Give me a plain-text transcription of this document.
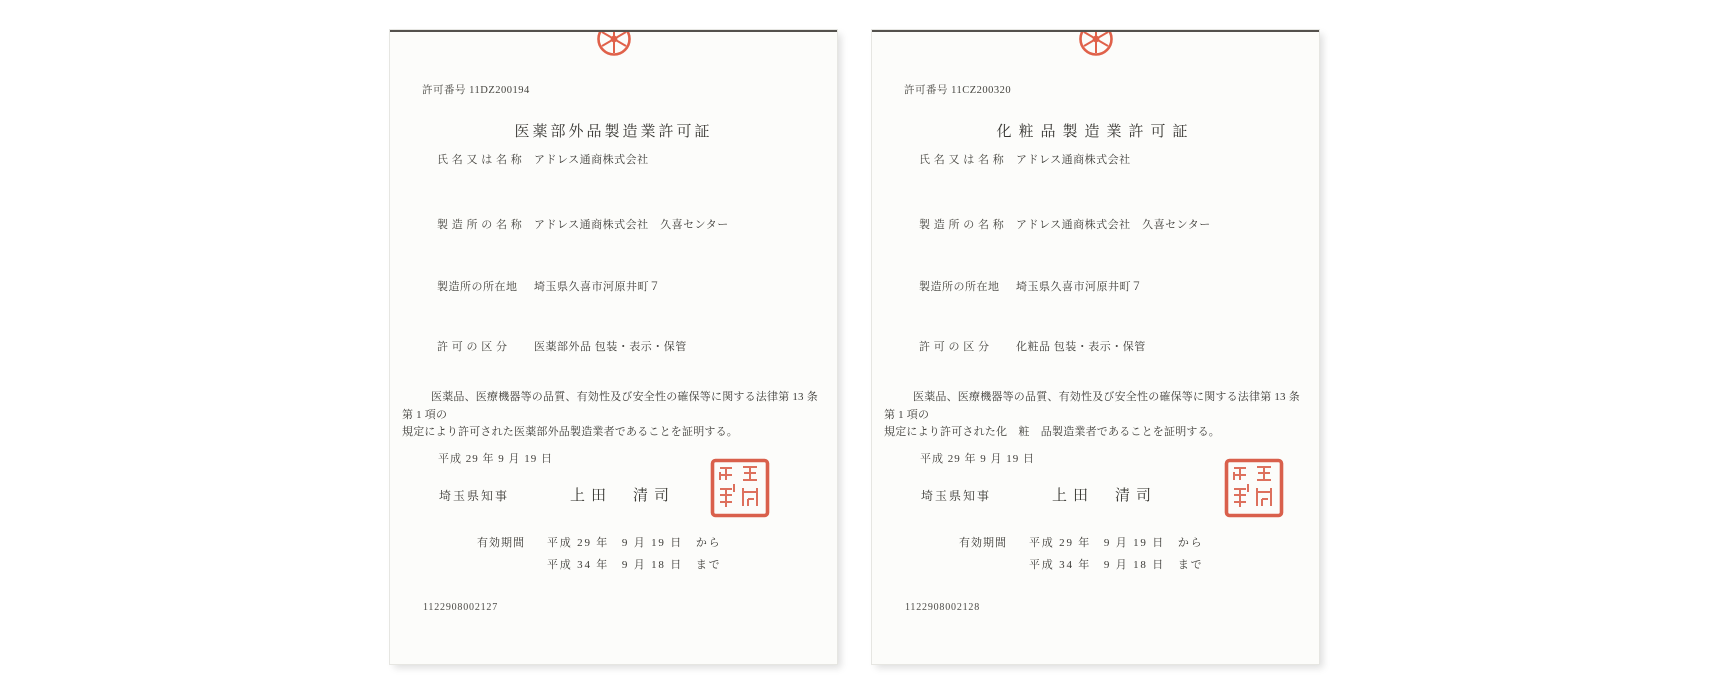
許可番号 11DZ200194
医薬部外品製造業許可証
氏 名 又 は 名 称	アドレス通商株式会社
製 造 所 の 名 称	アドレス通商株式会社　久喜センター
製造所の所在地	埼玉県久喜市河原井町７
許 可 の 区 分	医薬部外品 包装・表示・保管
医薬品、医療機器等の品質、有効性及び安全性の確保等に関する法律第 13 条第 1 項の
規定により許可された医薬部外品製造業者であることを証明する。
平成 29 年 9 月 19 日
埼玉県知事	上田　清司
有効期間 平成 29 年　9 月 19 日　から
平成 34 年　9 月 18 日　まで
1122908002127
許可番号 11CZ200320
化粧品製造業許可証
氏 名 又 は 名 称	アドレス通商株式会社
製 造 所 の 名 称	アドレス通商株式会社　久喜センター
製造所の所在地	埼玉県久喜市河原井町７
許 可 の 区 分	化粧品 包装・表示・保管
医薬品、医療機器等の品質、有効性及び安全性の確保等に関する法律第 13 条第 1 項の
規定により許可された化　粧　品製造業者であることを証明する。
平成 29 年 9 月 19 日
埼玉県知事	上田　清司
有効期間 平成 29 年　9 月 19 日　から
平成 34 年　9 月 18 日　まで
1122908002128
